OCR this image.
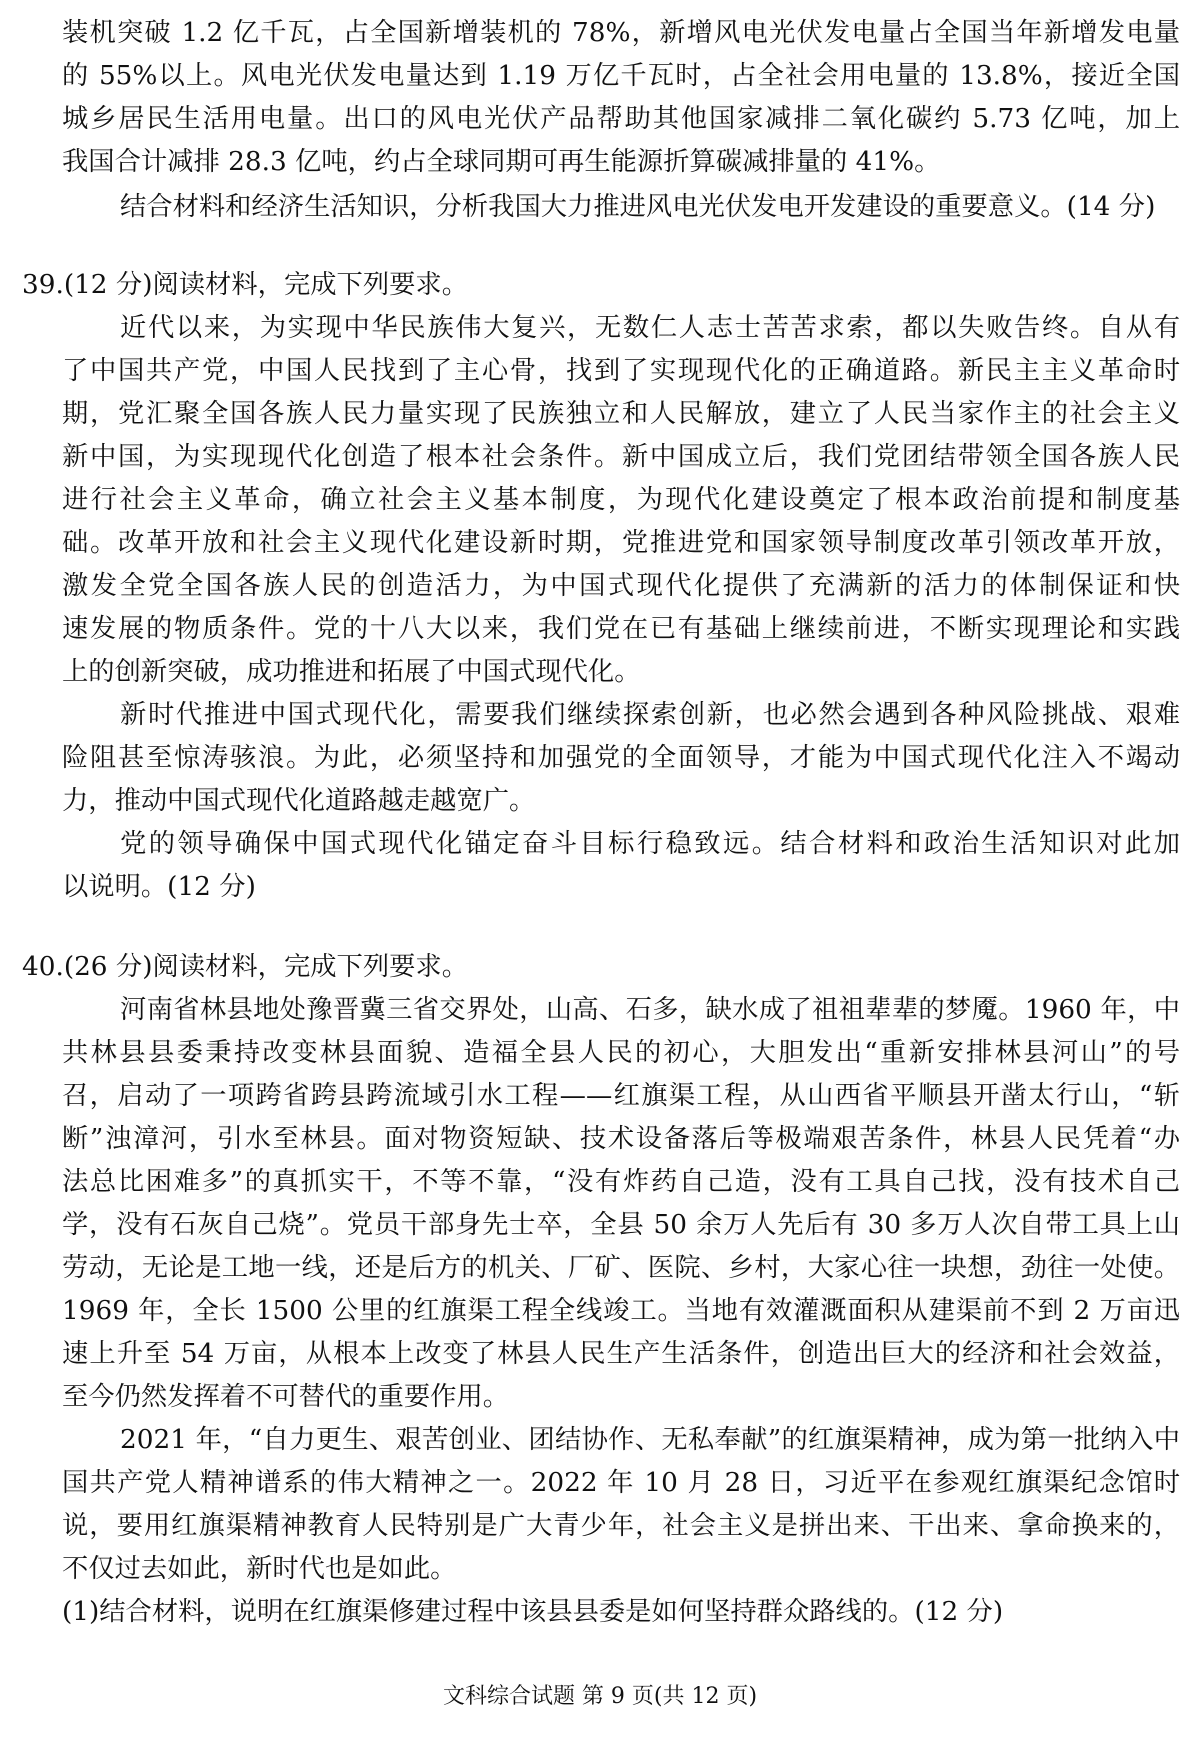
装机突破 1.2 亿千瓦，占全国新增装机的 78%，新增风电光伏发电量占全国当年新增发电量
的 55%以上。风电光伏发电量达到 1.19 万亿千瓦时，占全社会用电量的 13.8%，接近全国
城乡居民生活用电量。出口的风电光伏产品帮助其他国家减排二氧化碳约 5.73 亿吨，加上
我国合计减排 28.3 亿吨，约占全球同期可再生能源折算碳减排量的 41%。
结合材料和经济生活知识，分析我国大力推进风电光伏发电开发建设的重要意义。(14 分)
39.(12 分)阅读材料，完成下列要求。
近代以来，为实现中华民族伟大复兴，无数仁人志士苦苦求索，都以失败告终。自从有
了中国共产党，中国人民找到了主心骨，找到了实现现代化的正确道路。新民主主义革命时
期，党汇聚全国各族人民力量实现了民族独立和人民解放，建立了人民当家作主的社会主义
新中国，为实现现代化创造了根本社会条件。新中国成立后，我们党团结带领全国各族人民
进行社会主义革命，确立社会主义基本制度，为现代化建设奠定了根本政治前提和制度基
础。改革开放和社会主义现代化建设新时期，党推进党和国家领导制度改革引领改革开放，
激发全党全国各族人民的创造活力，为中国式现代化提供了充满新的活力的体制保证和快
速发展的物质条件。党的十八大以来，我们党在已有基础上继续前进，不断实现理论和实践
上的创新突破，成功推进和拓展了中国式现代化。
新时代推进中国式现代化，需要我们继续探索创新，也必然会遇到各种风险挑战、艰难
险阻甚至惊涛骇浪。为此，必须坚持和加强党的全面领导，才能为中国式现代化注入不竭动
力，推动中国式现代化道路越走越宽广。
党的领导确保中国式现代化锚定奋斗目标行稳致远。结合材料和政治生活知识对此加
以说明。(12 分)
40.(26 分)阅读材料，完成下列要求。
河南省林县地处豫晋冀三省交界处，山高、石多，缺水成了祖祖辈辈的梦魇。1960 年，中
共林县县委秉持改变林县面貌、造福全县人民的初心，大胆发出“重新安排林县河山”的号
召，启动了一项跨省跨县跨流域引水工程——红旗渠工程，从山西省平顺县开凿太行山，“斩
断”浊漳河，引水至林县。面对物资短缺、技术设备落后等极端艰苦条件，林县人民凭着“办
法总比困难多”的真抓实干，不等不靠，“没有炸药自己造，没有工具自己找，没有技术自己
学，没有石灰自己烧”。党员干部身先士卒，全县 50 余万人先后有 30 多万人次自带工具上山
劳动，无论是工地一线，还是后方的机关、厂矿、医院、乡村，大家心往一块想，劲往一处使。
1969 年，全长 1500 公里的红旗渠工程全线竣工。当地有效灌溉面积从建渠前不到 2 万亩迅
速上升至 54 万亩，从根本上改变了林县人民生产生活条件，创造出巨大的经济和社会效益，
至今仍然发挥着不可替代的重要作用。
2021 年，“自力更生、艰苦创业、团结协作、无私奉献”的红旗渠精神，成为第一批纳入中
国共产党人精神谱系的伟大精神之一。2022 年 10 月 28 日，习近平在参观红旗渠纪念馆时
说，要用红旗渠精神教育人民特别是广大青少年，社会主义是拼出来、干出来、拿命换来的，
不仅过去如此，新时代也是如此。
(1)结合材料，说明在红旗渠修建过程中该县县委是如何坚持群众路线的。(12 分)
文科综合试题 第 9 页(共 12 页)
